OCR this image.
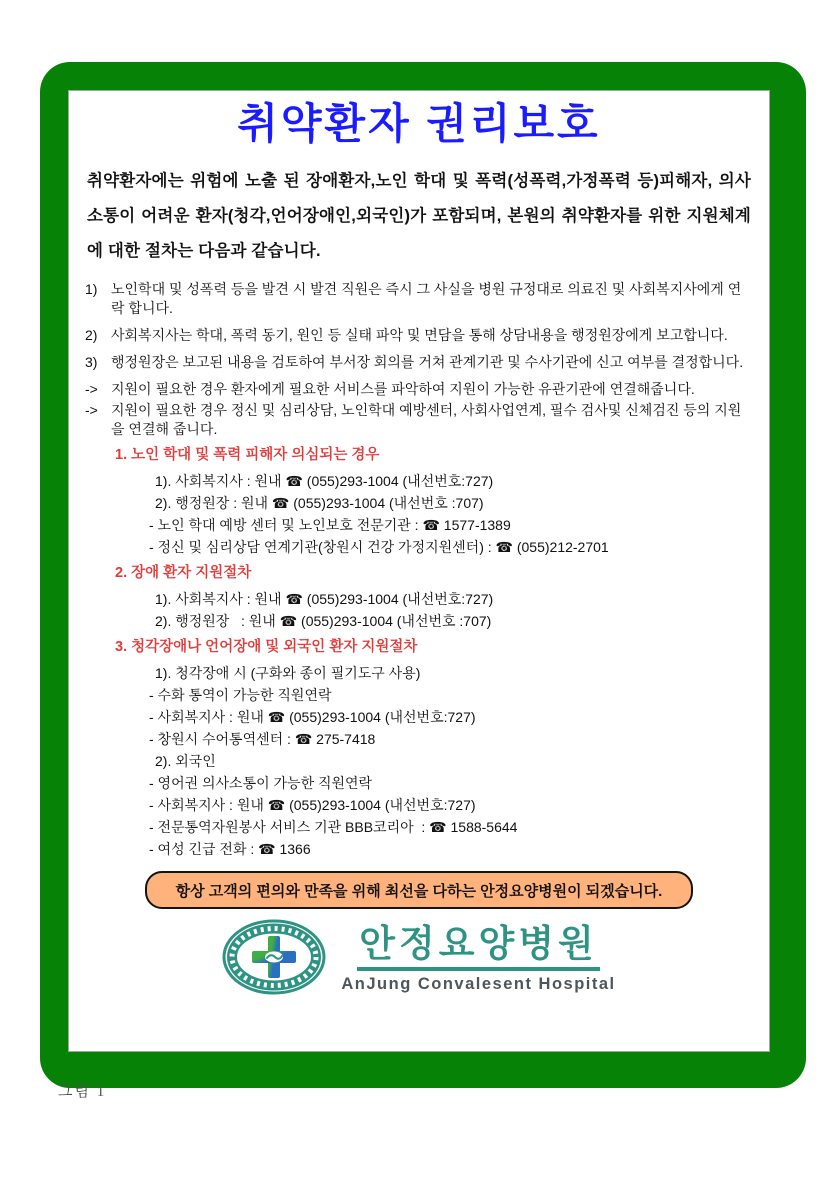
취약환자 권리보호

취약환자에는 위험에 노출 된 장애환자,노인 학대 및 폭력(성폭력,가정폭력 등)피해자, 의사 소통이 어려운 환자(청각,언어장애인,외국인)가 포함되며, 본원의 취약환자를 위한 지원체계 에 대한 절차는 다음과 같습니다.

1) 노인학대 및 성폭력 등을 발견 시 발견 직원은 즉시 그 사실을 병원 규정대로 의료진 및 사회복지사에게 연락 합니다.
2) 사회복지사는 학대, 폭력 동기, 원인 등 실태 파악 및 면담을 통해 상담내용을 행정원장에게 보고합니다.
3) 행정원장은 보고된 내용을 검토하여 부서장 회의를 거쳐 관계기관 및 수사기관에 신고 여부를 결정합니다.
-> 지원이 필요한 경우 환자에게 필요한 서비스를 파악하여 지원이 가능한 유관기관에 연결해줍니다.
-> 지원이 필요한 경우 정신 및 심리상담, 노인학대 예방센터, 사회사업연계, 필수 검사및 신체검진 등의 지원을 연결해 줍니다.
1. 노인 학대 및 폭력 피해자 의심되는 경우
1). 사회복지사 : 원내 ☎ (055)293-1004 (내선번호:727)
2). 행정원장 : 원내 ☎ (055)293-1004 (내선번호 :707)
- 노인 학대 예방 센터 및 노인보호 전문기관 : ☎ 1577-1389
- 정신 및 심리상담 연계기관(창원시 건강 가정지원센터) : ☎ (055)212-2701
2. 장애 환자 지원절차
1). 사회복지사 : 원내 ☎ (055)293-1004 (내선번호:727)
2). 행정원장   : 원내 ☎ (055)293-1004 (내선번호 :707)
3. 청각장애나 언어장애 및 외국인 환자 지원절차
1). 청각장애 시 (구화와 종이 필기도구 사용)
- 수화 통역이 가능한 직원연락
- 사회복지사 : 원내 ☎ (055)293-1004 (내선번호:727)
- 창원시 수어통역센터 : ☎ 275-7418
2). 외국인
- 영어권 의사소통이 가능한 직원연락
- 사회복지사 : 원내 ☎ (055)293-1004 (내선번호:727)
- 전문통역자원봉사 서비스 기관 BBB코리아  : ☎ 1588-5644
- 여성 긴급 전화 : ☎ 1366
항상 고객의 편의와 만족을 위해 최선을 다하는 안정요양병원이 되겠습니다.
안정요양병원
AnJung Convalesent Hospital
그림 1
